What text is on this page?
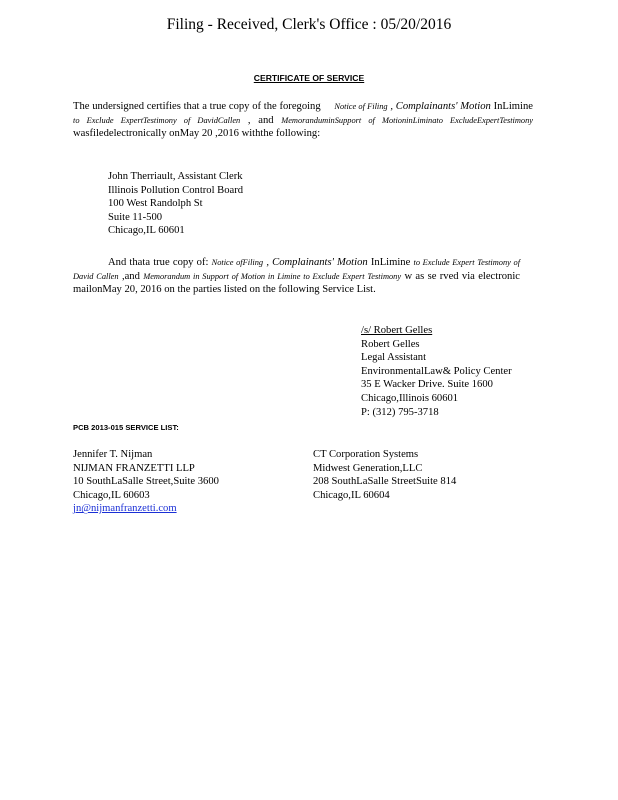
Filing - Received, Clerk's Office : 05/20/2016
CERTIFICATE OF SERVICE
The undersigned certifies that a true copy of the foregoing Notice of Filing , Complainants' Motion InLimine to Exclude ExpertTestimony of DavidCallen , and MemoranduminSupport of MotioninLiminato ExcludeExpertTestimony wasfiledelectronically onMay 20 ,2016 withthe following:
John Therriault, Assistant Clerk
Illinois Pollution Control Board
100 West Randolph St
Suite 11-500
Chicago,IL 60601
And thata true copy of: Notice ofFiling , Complainants' Motion InLimine to Exclude Expert Testimony of David Callen ,and Memorandum in Support of Motion in Limine to Exclude Expert Testimony w as se rved via electronic mailonMay 20, 2016 on the parties listed on the following Service List.
/s/ Robert Gelles
Robert Gelles
Legal Assistant
EnvironmentalLaw& Policy Center
35 E Wacker Drive. Suite 1600
Chicago,Illinois 60601
P: (312) 795-3718
PCB 2013-015 SERVICE LIST:
Jennifer T. Nijman
NIJMAN FRANZETTI LLP
10 SouthLaSalle Street,Suite 3600
Chicago,IL 60603
jn@nijmanfranzetti.com
CT Corporation Systems
Midwest Generation,LLC
208 SouthLaSalle StreetSuite 814
Chicago,IL 60604
